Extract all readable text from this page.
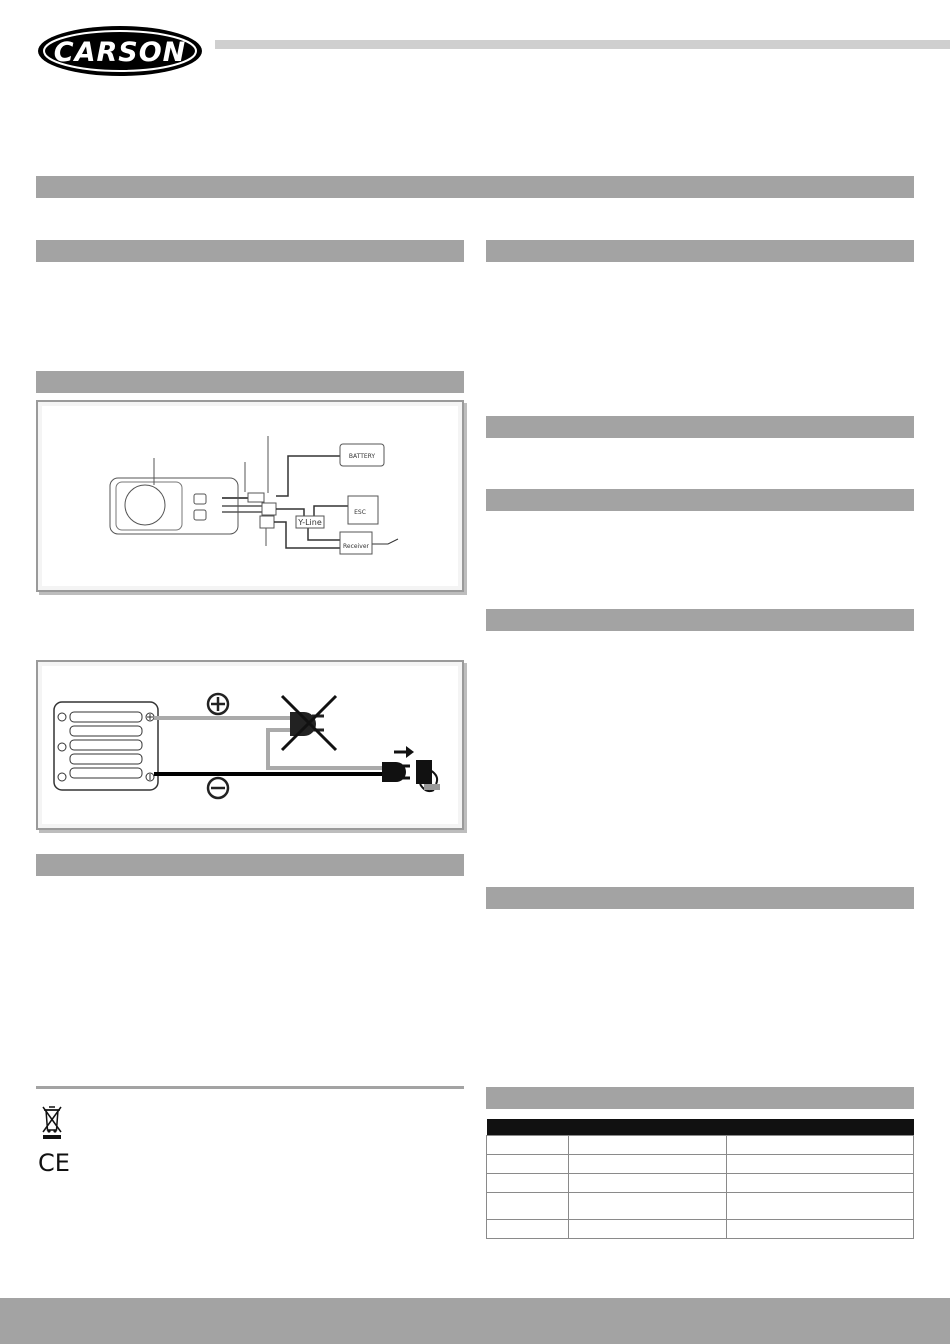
CARSON
BATTERY
ESC
Y-Line
Receiver
CE
